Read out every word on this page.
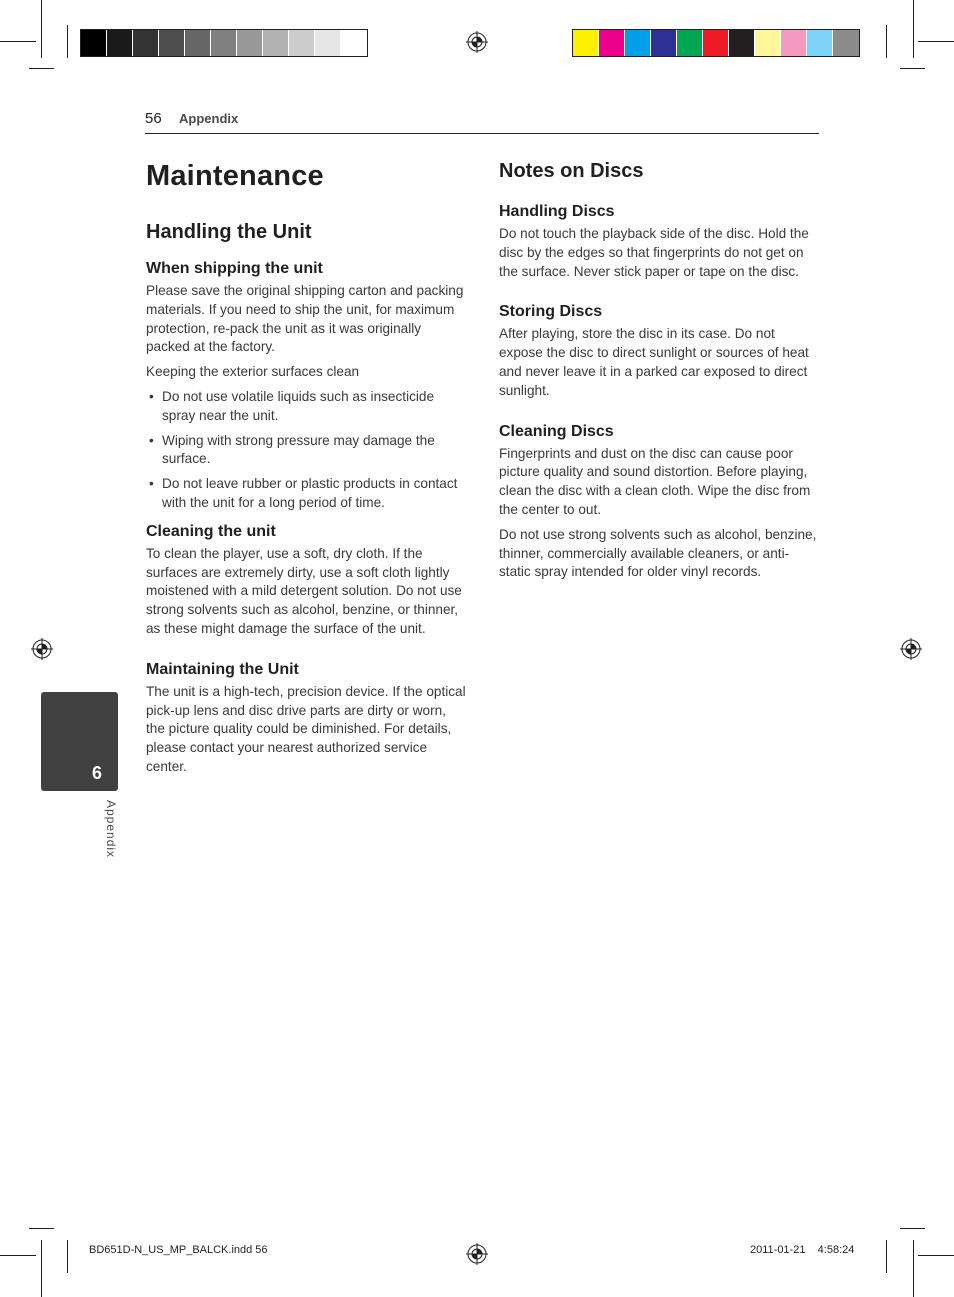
56 Appendix
Maintenance
Handling the Unit
When shipping the unit

Please save the original shipping carton and packing materials. If you need to ship the unit, for maximum protection, re-pack the unit as it was originally packed at the factory.

Keeping the exterior surfaces clean

• Do not use volatile liquids such as insecticide spray near the unit.
• Wiping with strong pressure may damage the surface.
• Do not leave rubber or plastic products in contact with the unit for a long period of time.
Cleaning the unit

To clean the player, use a soft, dry cloth. If the surfaces are extremely dirty, use a soft cloth lightly moistened with a mild detergent solution. Do not use strong solvents such as alcohol, benzine, or thinner, as these might damage the surface of the unit.

Maintaining the Unit

The unit is a high-tech, precision device. If the optical pick-up lens and disc drive parts are dirty or worn, the picture quality could be diminished. For details, please contact your nearest authorized service center.

Notes on Discs
Handling Discs

Do not touch the playback side of the disc. Hold the disc by the edges so that fingerprints do not get on the surface. Never stick paper or tape on the disc.

Storing Discs

After playing, store the disc in its case. Do not expose the disc to direct sunlight or sources of heat and never leave it in a parked car exposed to direct sunlight.

Cleaning Discs

Fingerprints and dust on the disc can cause poor picture quality and sound distortion. Before playing, clean the disc with a clean cloth. Wipe the disc from the center to out.

Do not use strong solvents such as alcohol, benzine, thinner, commercially available cleaners, or anti-static spray intended for older vinyl records.

6
Appendix
BD651D-N_US_MP_BALCK.indd 56	2011-01-21    4:58:24
